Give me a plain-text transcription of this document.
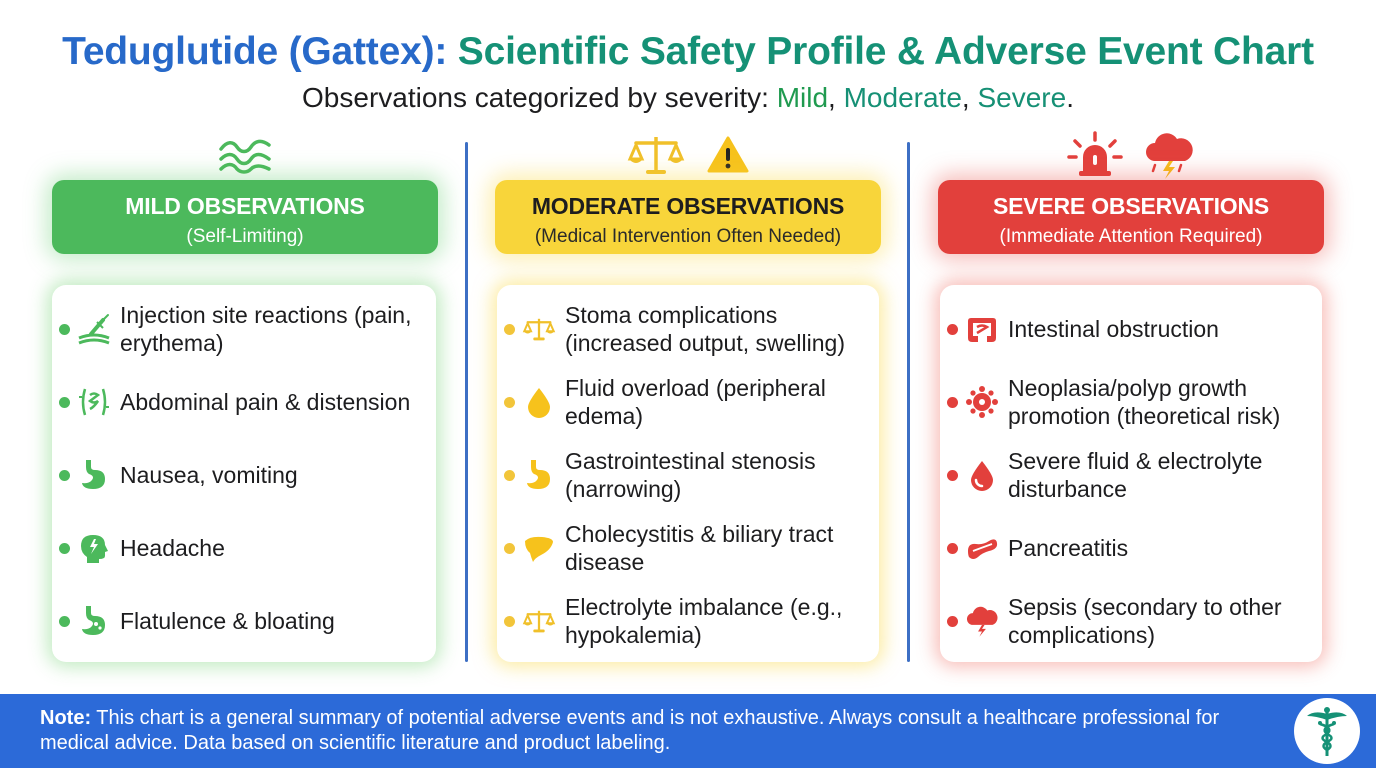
Teduglutide (Gattex): Scientific Safety Profile & Adverse Event Chart
Observations categorized by severity: Mild, Moderate, Severe.
MILD OBSERVATIONS
(Self-Limiting)
MODERATE OBSERVATIONS
(Medical Intervention Often Needed)
SEVERE OBSERVATIONS
(Immediate Attention Required)
Injection site reactions (pain, erythema)
Abdominal pain & distension
Nausea, vomiting
Headache
Flatulence & bloating
Stoma complications (increased output, swelling)
Fluid overload (peripheral edema)
Gastrointestinal stenosis (narrowing)
Cholecystitis & biliary tract disease
Electrolyte imbalance (e.g., hypokalemia)
Intestinal obstruction
Neoplasia/polyp growth promotion (theoretical risk)
Severe fluid & electrolyte disturbance
Pancreatitis
Sepsis (secondary to other complications)
Note: This chart is a general summary of potential adverse events and is not exhaustive. Always consult a healthcare professional for medical advice. Data based on scientific literature and product labeling.
